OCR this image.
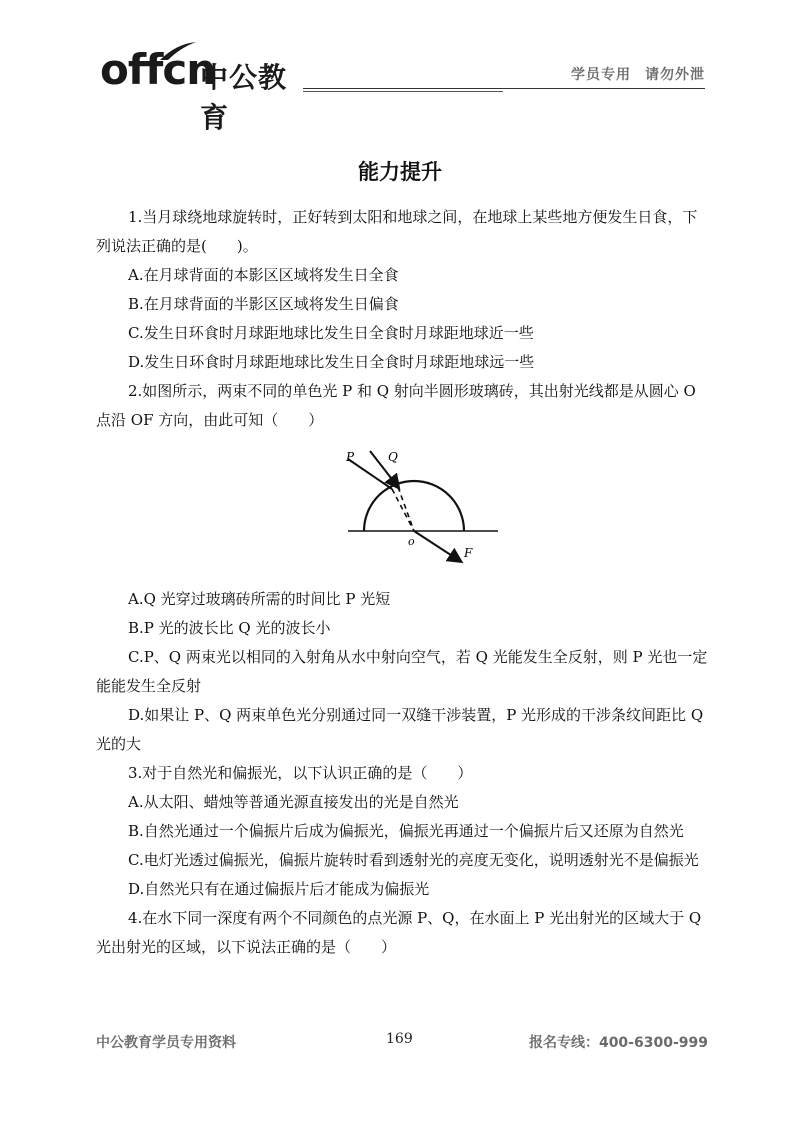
offcn
中公教育
学员专用 请勿外泄
能力提升

1.当月球绕地球旋转时，正好转到太阳和地球之间，在地球上某些地方便发生日食，下列说法正确的是(　　)。

A.在月球背面的本影区区域将发生日全食

B.在月球背面的半影区区域将发生日偏食

C.发生日环食时月球距地球比发生日全食时月球距地球近一些

D.发生日环食时月球距地球比发生日全食时月球距地球远一些

2.如图所示，两束不同的单色光 P 和 Q 射向半圆形玻璃砖，其出射光线都是从圆心 O 点沿 OF 方向，由此可知（　　）

P	Q
o
F

A.Q 光穿过玻璃砖所需的时间比 P 光短

B.P 光的波长比 Q 光的波长小

C.P、Q 两束光以相同的入射角从水中射向空气，若 Q 光能发生全反射，则 P 光也一定能能发生全反射

D.如果让 P、Q 两束单色光分别通过同一双缝干涉装置，P 光形成的干涉条纹间距比 Q 光的大

3.对于自然光和偏振光，以下认识正确的是（　　）

A.从太阳、蜡烛等普通光源直接发出的光是自然光

B.自然光通过一个偏振片后成为偏振光，偏振光再通过一个偏振片后又还原为自然光

C.电灯光透过偏振光，偏振片旋转时看到透射光的亮度无变化，说明透射光不是偏振光

D.自然光只有在通过偏振片后才能成为偏振光

4.在水下同一深度有两个不同颜色的点光源 P、Q，在水面上 P 光出射光的区域大于 Q 光出射光的区域，以下说法正确的是（　　）

中公教育学员专用资料	169	报名专线：400-6300-999
